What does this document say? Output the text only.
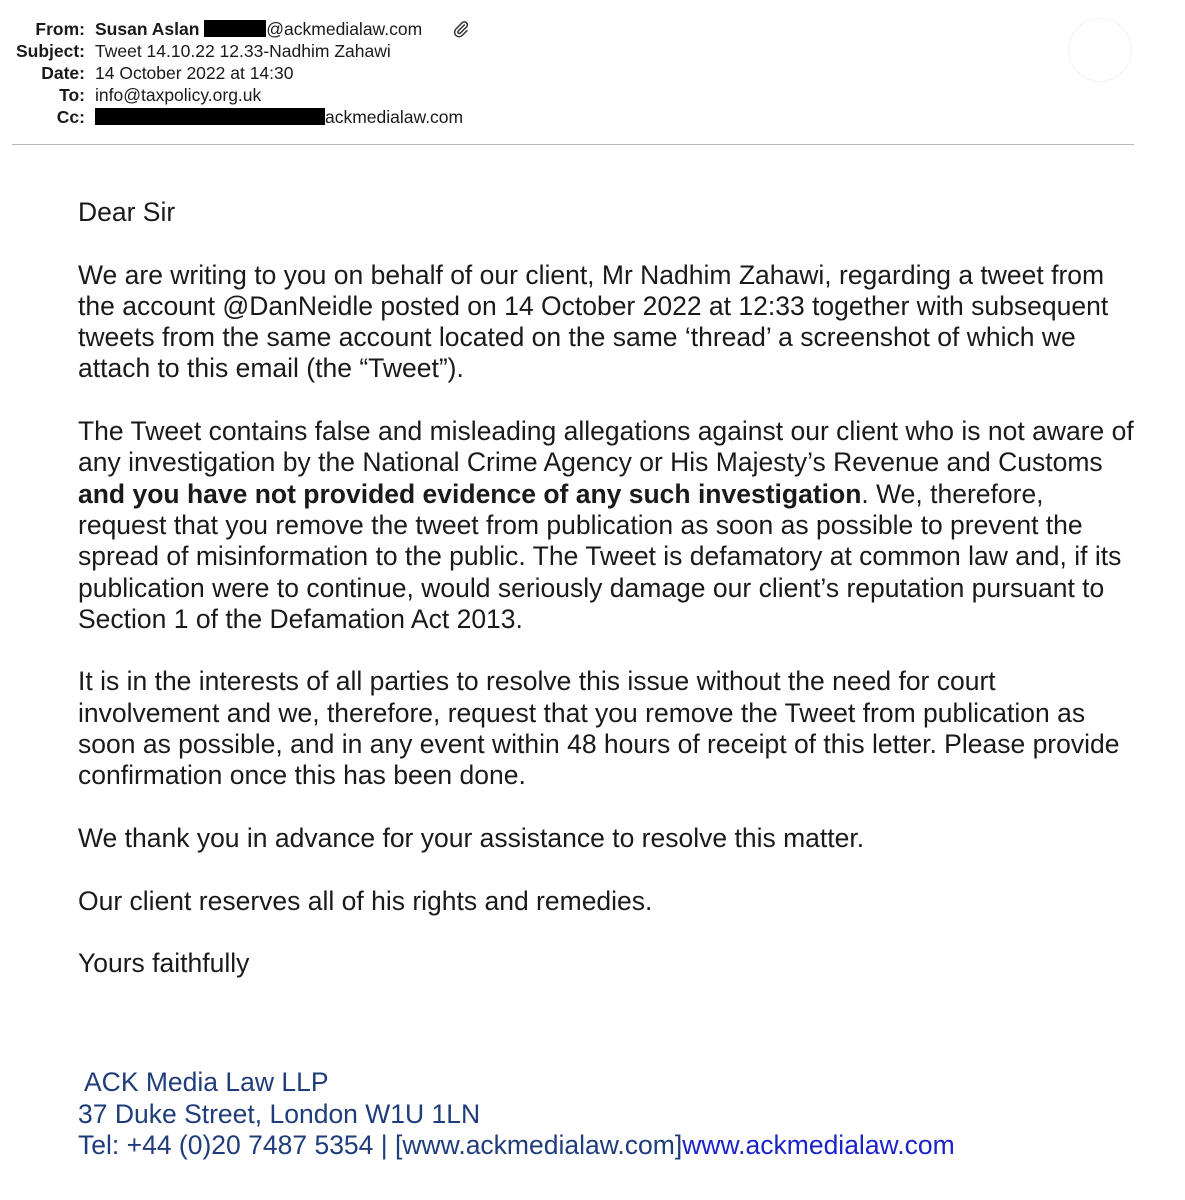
From: Susan Aslan	@ackmedialaw.com
Subject: Tweet 14.10.22 12.33-Nadhim Zahawi
Date: 14 October 2022 at 14:30
To: info@taxpolicy.org.uk
Cc:	ackmedialaw.com

Dear Sir

We are writing to you on behalf of our client, Mr Nadhim Zahawi, regarding a tweet from the account @DanNeidle posted on 14 October 2022 at 12:33 together with subsequent tweets from the same account located on the same ‘thread’ a screenshot of which we attach to this email (the “Tweet”).

The Tweet contains false and misleading allegations against our client who is not aware of any investigation by the National Crime Agency or His Majesty’s Revenue and Customs and you have not provided evidence of any such investigation. We, therefore, request that you remove the tweet from publication as soon as possible to prevent the spread of misinformation to the public. The Tweet is defamatory at common law and, if its publication were to continue, would seriously damage our client’s reputation pursuant to Section 1 of the Defamation Act 2013.

It is in the interests of all parties to resolve this issue without the need for court involvement and we, therefore, request that you remove the Tweet from publication as soon as possible, and in any event within 48 hours of receipt of this letter. Please provide confirmation once this has been done.

We thank you in advance for your assistance to resolve this matter.

Our client reserves all of his rights and remedies.

Yours faithfully

ACK Media Law LLP
37 Duke Street, London W1U 1LN
Tel: +44 (0)20 7487 5354 | [www.ackmedialaw.com]www.ackmedialaw.com
